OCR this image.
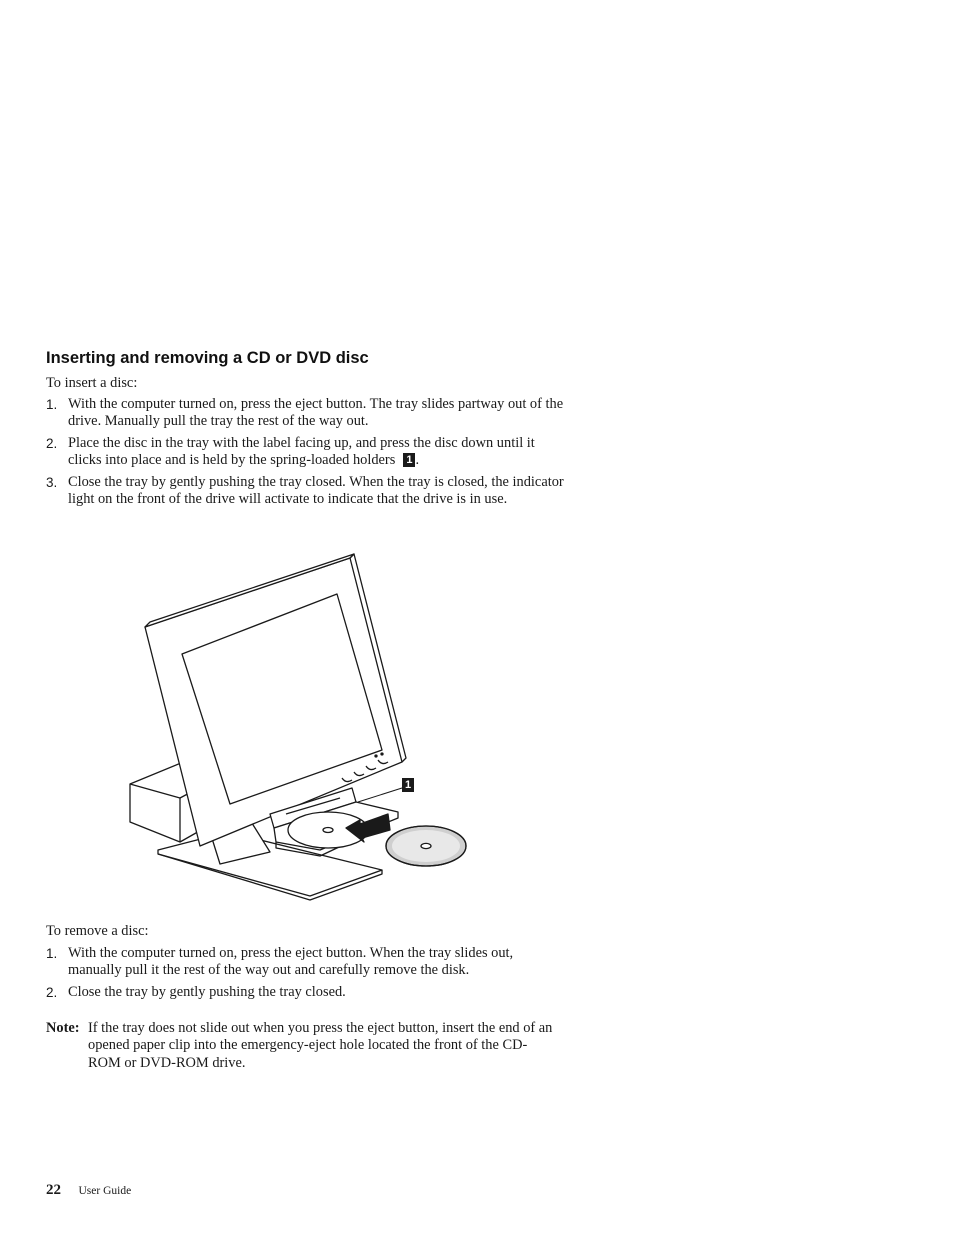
Inserting and removing a CD or DVD disc

To insert a disc:

1. With the computer turned on, press the eject button. The tray slides partway out of the drive. Manually pull the tray the rest of the way out.
2. Place the disc in the tray with the label facing up, and press the disc down until it clicks into place and is held by the spring-loaded holders 1 .
3. Close the tray by gently pushing the tray closed. When the tray is closed, the indicator light on the front of the drive will activate to indicate that the drive is in use.
1

To remove a disc:

1. With the computer turned on, press the eject button. When the tray slides out, manually pull it the rest of the way out and carefully remove the disk.
2. Close the tray by gently pushing the tray closed.
Note: If the tray does not slide out when you press the eject button, insert the end of an opened paper clip into the emergency-eject hole located the front of the CD-ROM or DVD-ROM drive.
22 User Guide
